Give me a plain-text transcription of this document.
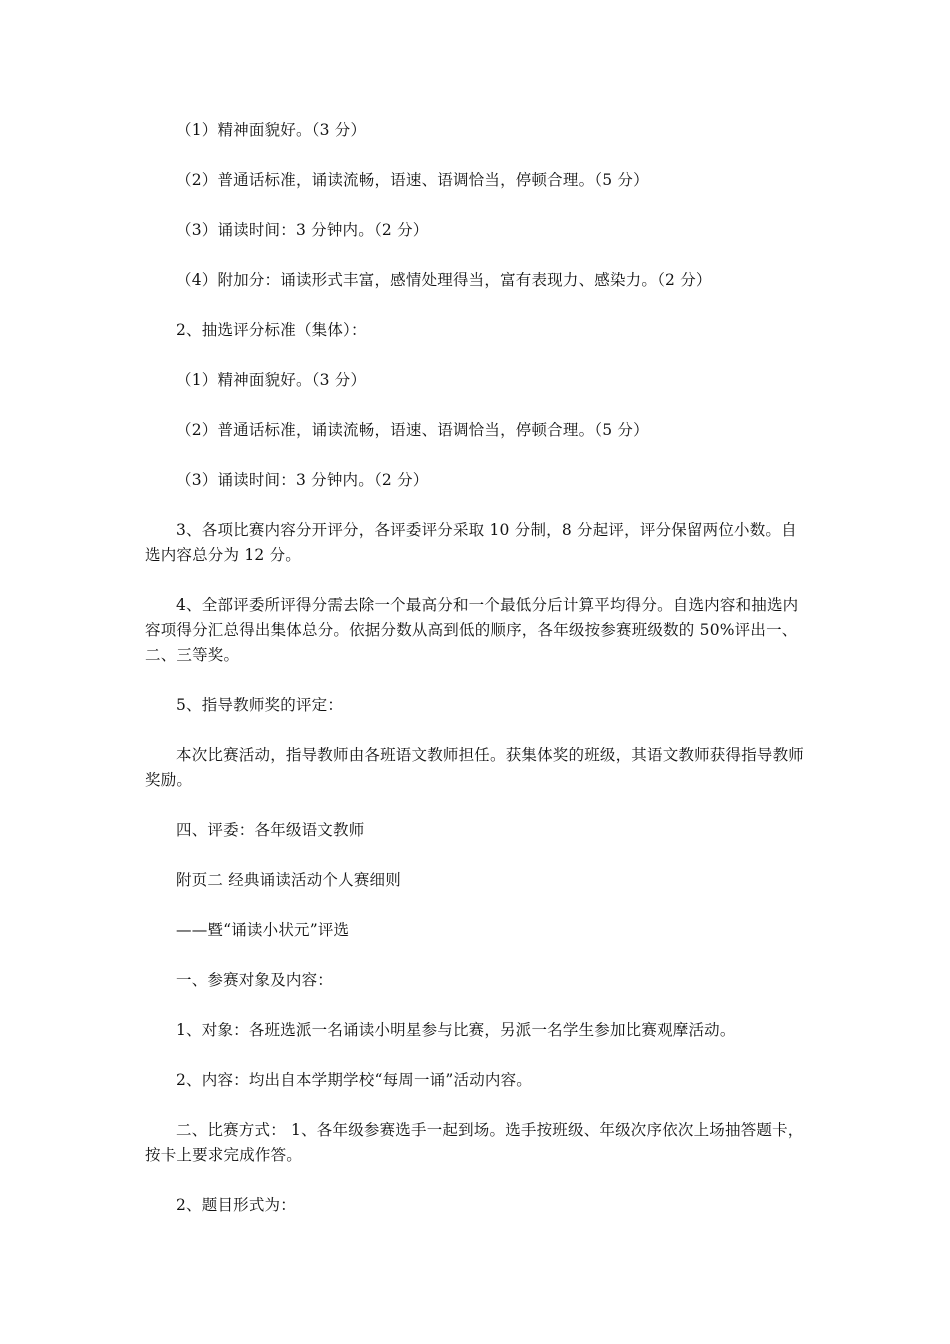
（1）精神面貌好。（3 分）

（2）普通话标准，诵读流畅，语速、语调恰当，停顿合理。（5 分）

（3）诵读时间：3 分钟内。（2 分）

（4）附加分：诵读形式丰富，感情处理得当，富有表现力、感染力。（2 分）

2、抽选评分标准（集体）：

（1）精神面貌好。（3 分）

（2）普通话标准，诵读流畅，语速、语调恰当，停顿合理。（5 分）

（3）诵读时间：3 分钟内。（2 分）

3、各项比赛内容分开评分，各评委评分采取 10 分制，8 分起评，评分保留两位小数。自选内容总分为 12 分。

4、全部评委所评得分需去除一个最高分和一个最低分后计算平均得分。自选内容和抽选内容项得分汇总得出集体总分。依据分数从高到低的顺序，各年级按参赛班级数的 50%评出一、二、三等奖。

5、指导教师奖的评定：

本次比赛活动，指导教师由各班语文教师担任。获集体奖的班级，其语文教师获得指导教师奖励。

四、评委：各年级语文教师

附页二 经典诵读活动个人赛细则

——暨“诵读小状元”评选

一、参赛对象及内容：

1、对象：各班选派一名诵读小明星参与比赛，另派一名学生参加比赛观摩活动。

2、内容：均出自本学期学校“每周一诵”活动内容。

二、比赛方式： 1、各年级参赛选手一起到场。选手按班级、年级次序依次上场抽答题卡，按卡上要求完成作答。

2、题目形式为：
